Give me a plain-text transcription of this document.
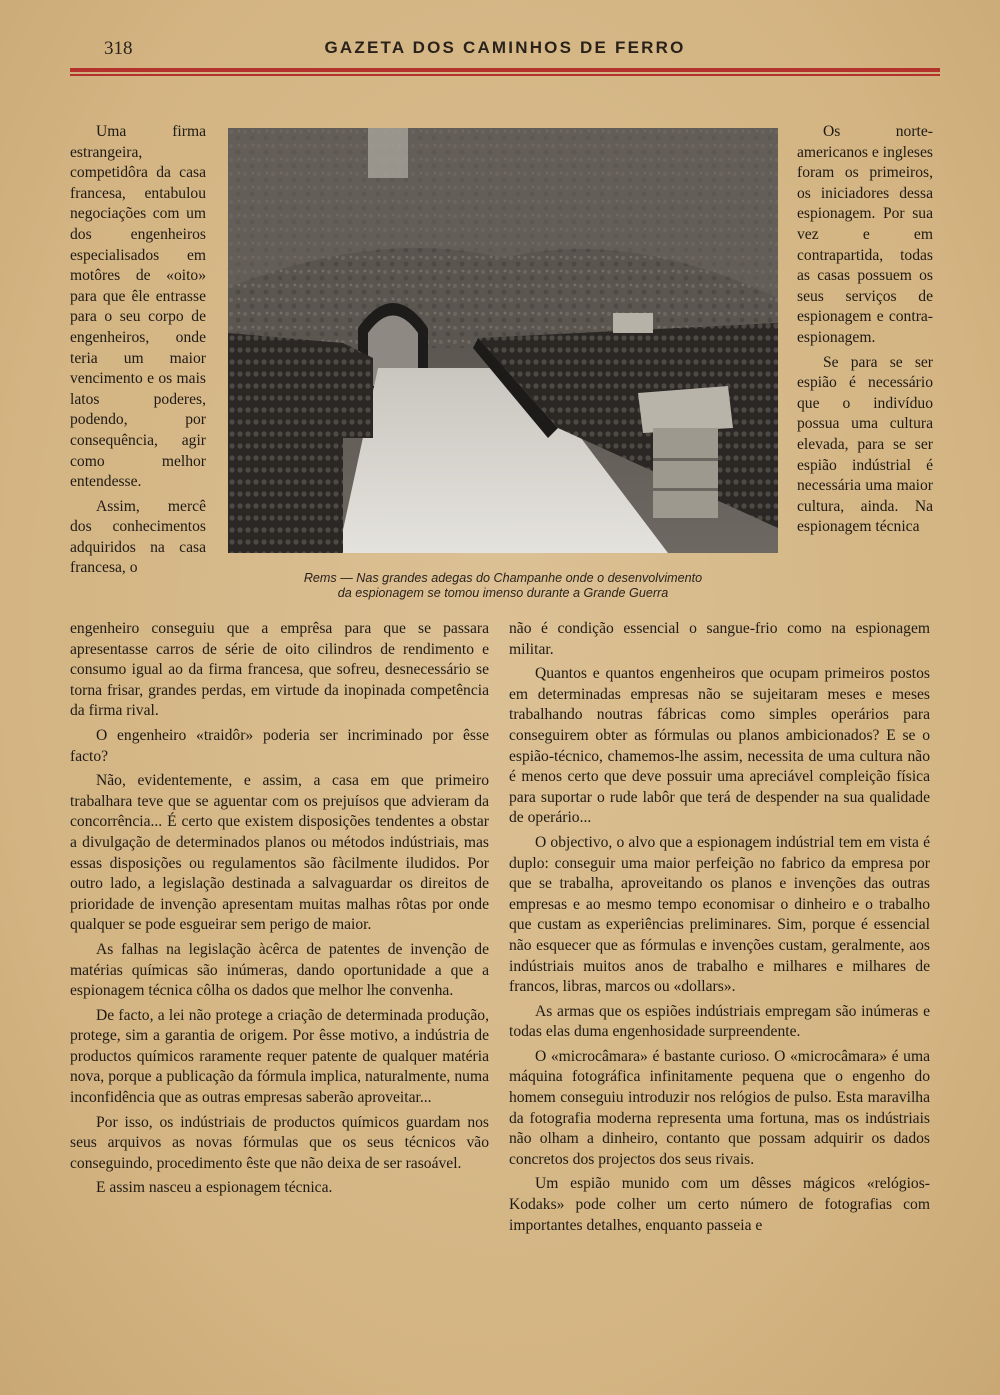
318	GAZETA DOS CAMINHOS DE FERRO

Uma firma estrangeira, competidôra da casa francesa, entabulou negociações com um dos engenheiros especialisados em motôres de «oito» para que êle entrasse para o seu corpo de engenheiros, onde teria um maior vencimento e os mais latos poderes, podendo, por consequência, agir como melhor entendesse.

Assim, mercê dos conhecimentos adquiridos na casa francesa, o

Rems — Nas grandes adegas do Champanhe onde o desenvolvimento
da espionagem se tomou imenso durante a Grande Guerra

Os norte-americanos e ingleses foram os primeiros, os iniciadores dessa espionagem. Por sua vez e em contrapartida, todas as casas possuem os seus serviços de espionagem e contra-espionagem.

Se para se ser espião é necessário que o indivíduo possua uma cultura elevada, para se ser espião indústrial é necessária uma maior cultura, ainda. Na espionagem técnica

engenheiro conseguiu que a emprêsa para que se passara apresentasse carros de série de oito cilindros de rendimento e consumo igual ao da firma francesa, que sofreu, desnecessário se torna frisar, grandes perdas, em virtude da inopinada competência da firma rival.

O engenheiro «traidôr» poderia ser incriminado por êsse facto?

Não, evidentemente, e assim, a casa em que primeiro trabalhara teve que se aguentar com os prejuísos que advieram da concorrência... É certo que existem disposições tendentes a obstar a divulgação de determinados planos ou métodos indústriais, mas essas disposições ou regulamentos são fàcilmente iludidos. Por outro lado, a legislação destinada a salvaguardar os direitos de prioridade de invenção apresentam muitas malhas rôtas por onde qualquer se pode esgueirar sem perigo de maior.

As falhas na legislação àcêrca de patentes de invenção de matérias químicas são inúmeras, dando oportunidade a que a espionagem técnica côlha os dados que melhor lhe convenha.

De facto, a lei não protege a criação de determinada produção, protege, sim a garantia de origem. Por êsse motivo, a indústria de productos químicos raramente requer patente de qualquer matéria nova, porque a publicação da fórmula implica, naturalmente, numa inconfidência que as outras empresas saberão aproveitar...

Por isso, os indústriais de productos químicos guardam nos seus arquivos as novas fórmulas que os seus técnicos vão conseguindo, procedimento êste que não deixa de ser rasoável.

E assim nasceu a espionagem técnica.

não é condição essencial o sangue-frio como na espionagem militar.

Quantos e quantos engenheiros que ocupam primeiros postos em determinadas empresas não se sujeitaram meses e meses trabalhando noutras fábricas como simples operários para conseguirem obter as fórmulas ou planos ambicionados? E se o espião-técnico, chamemos-lhe assim, necessita de uma cultura não é menos certo que deve possuir uma apreciável compleição física para suportar o rude labôr que terá de despender na sua qualidade de operário...

O objectivo, o alvo que a espionagem indústrial tem em vista é duplo: conseguir uma maior perfeição no fabrico da empresa por que se trabalha, aproveitando os planos e invenções das outras empresas e ao mesmo tempo economisar o dinheiro e o trabalho que custam as experiências preliminares. Sim, porque é essencial não esquecer que as fórmulas e invenções custam, geralmente, aos indústriais muitos anos de trabalho e milhares e milhares de francos, libras, marcos ou «dollars».

As armas que os espiões indústriais empregam são inúmeras e todas elas duma engenhosidade surpreendente.

O «microcâmara» é bastante curioso. O «microcâmara» é uma máquina fotográfica infinitamente pequena que o engenho do homem conseguiu introduzir nos relógios de pulso. Esta maravilha da fotografia moderna representa uma fortuna, mas os indústriais não olham a dinheiro, contanto que possam adquirir os dados concretos dos projectos dos seus rivais.

Um espião munido com um dêsses mágicos «relógios-Kodaks» pode colher um certo número de fotografias com importantes detalhes, enquanto passeia e
